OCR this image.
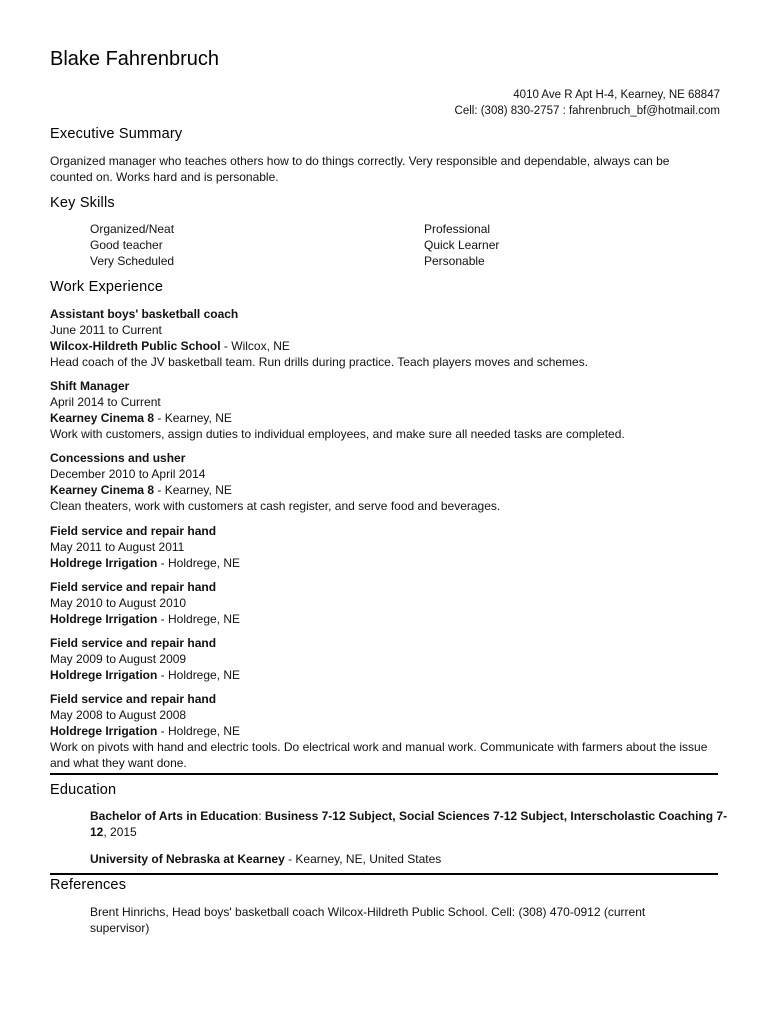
Blake Fahrenbruch
4010 Ave R Apt H-4, Kearney, NE 68847
Cell: (308) 830-2757 : fahrenbruch_bf@hotmail.com
Executive Summary
Organized manager who teaches others how to do things correctly. Very responsible and dependable, always can be counted on. Works hard and is personable.
Key Skills
Organized/Neat
Good teacher
Very Scheduled
Professional
Quick Learner
Personable
Work Experience
Assistant boys' basketball coach
June 2011 to Current
Wilcox-Hildreth Public School - Wilcox, NE
Head coach of the JV basketball team. Run drills during practice. Teach players moves and schemes.
Shift Manager
April 2014 to Current
Kearney Cinema 8 - Kearney, NE
Work with customers, assign duties to individual employees, and make sure all needed tasks are completed.
Concessions and usher
December 2010 to April 2014
Kearney Cinema 8 - Kearney, NE
Clean theaters, work with customers at cash register, and serve food and beverages.
Field service and repair hand
May 2011 to August 2011
Holdrege Irrigation - Holdrege, NE
Field service and repair hand
May 2010 to August 2010
Holdrege Irrigation - Holdrege, NE
Field service and repair hand
May 2009 to August 2009
Holdrege Irrigation - Holdrege, NE
Field service and repair hand
May 2008 to August 2008
Holdrege Irrigation - Holdrege, NE
Work on pivots with hand and electric tools. Do electrical work and manual work. Communicate with farmers about the issue and what they want done.
Education
Bachelor of Arts in Education: Business 7-12 Subject, Social Sciences 7-12 Subject, Interscholastic Coaching 7-12, 2015
University of Nebraska at Kearney - Kearney, NE, United States
References
Brent Hinrichs, Head boys' basketball coach Wilcox-Hildreth Public School. Cell: (308) 470-0912 (current supervisor)
